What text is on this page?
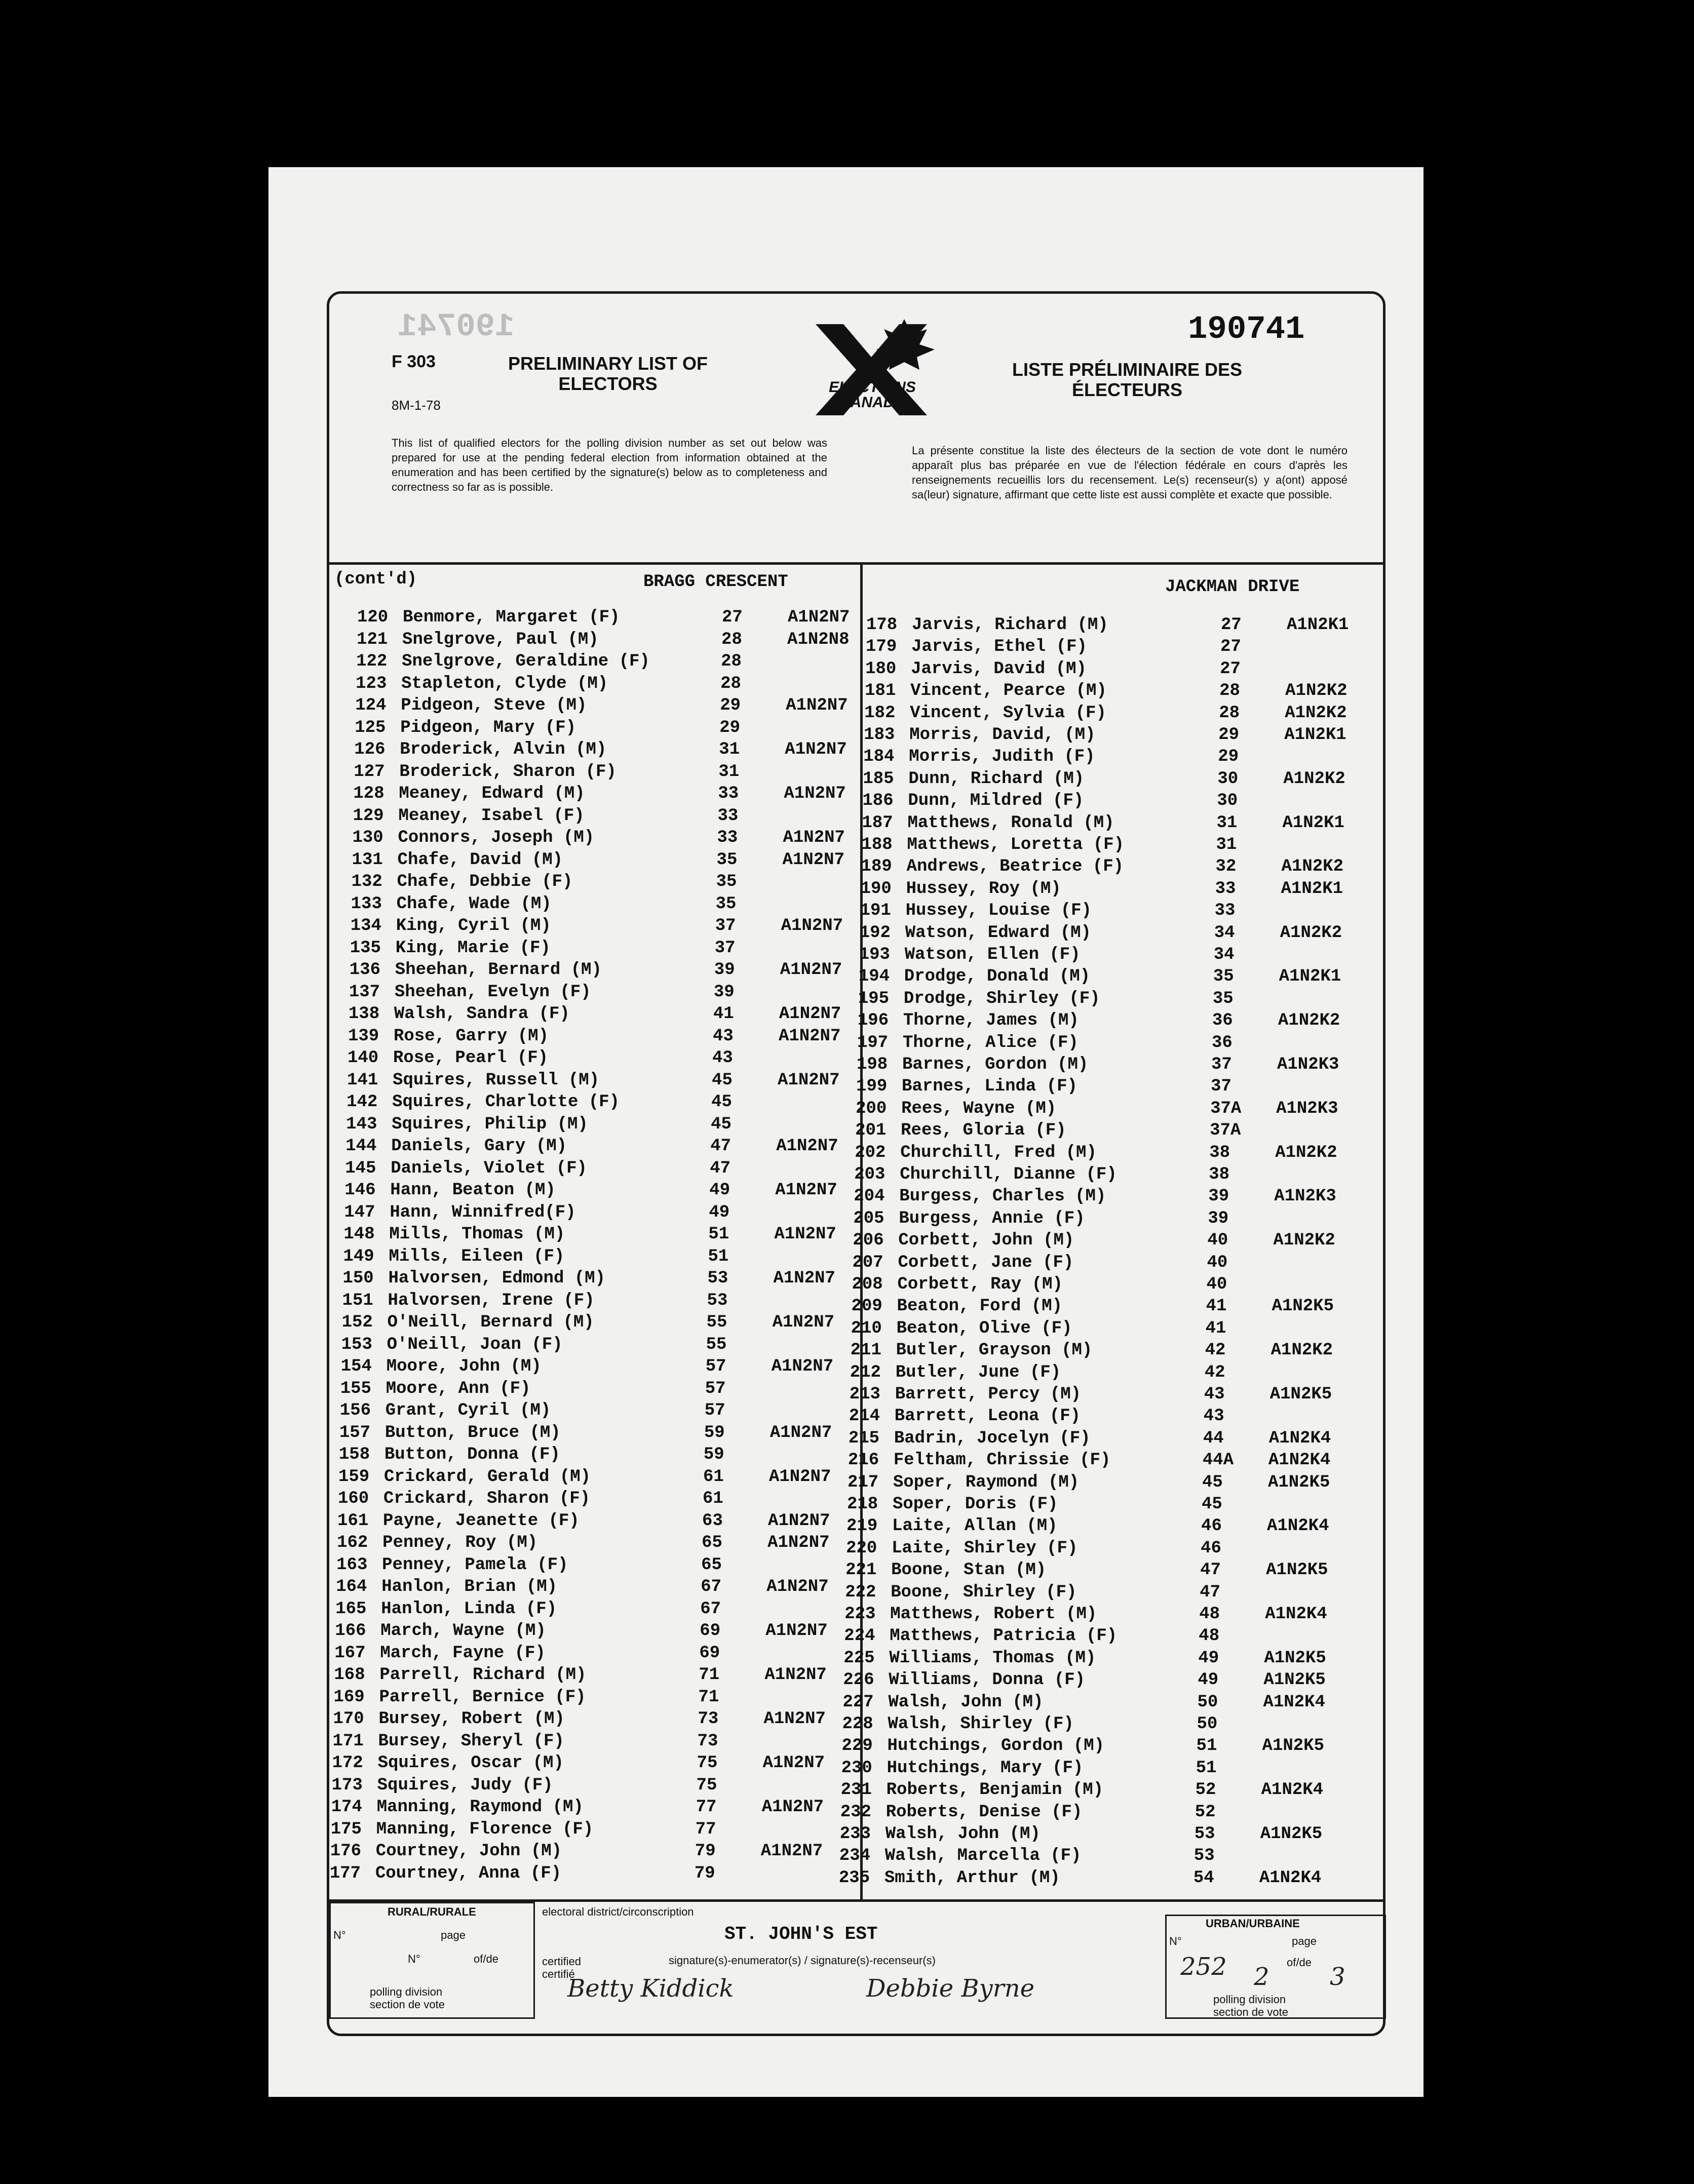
190741	190741
F 303
8M-1-78
PRELIMINARY LIST OF ELECTORS
LISTE PRÉLIMINAIRE DES ÉLECTEURS
ELECTIONS CANADA
This list of qualified electors for the polling division number as set out below was prepared for use at the pending federal election from information obtained at the enumeration and has been certified by the signature(s) below as to completeness and correctness so far as is possible.
La présente constitue la liste des électeurs de la section de vote dont le numéro apparaît plus bas préparée en vue de l'élection fédérale en cours d'après les renseignements recueillis lors du recensement. Le(s) recenseur(s) y a(ont) apposé sa(leur) signature, affirmant que cette liste est aussi complète et exacte que possible.
(cont'd)	BRAGG CRESCENT	JACKMAN DRIVE
120 Benmore, Margaret (F)	27	A1N2N7
121 Snelgrove, Paul (M)	28	A1N2N8
122 Snelgrove, Geraldine (F)	28
123 Stapleton, Clyde (M)	28
124 Pidgeon, Steve (M)	29	A1N2N7
125 Pidgeon, Mary (F)	29
126 Broderick, Alvin (M)	31	A1N2N7
127 Broderick, Sharon (F)	31
128 Meaney, Edward (M)	33	A1N2N7
129 Meaney, Isabel (F)	33
130 Connors, Joseph (M)	33	A1N2N7
131 Chafe, David (M)	35	A1N2N7
132 Chafe, Debbie (F)	35
133 Chafe, Wade (M)	35
134 King, Cyril (M)	37	A1N2N7
135 King, Marie (F)	37
136 Sheehan, Bernard (M)	39	A1N2N7
137 Sheehan, Evelyn (F)	39
138 Walsh, Sandra (F)	41	A1N2N7
139 Rose, Garry (M)	43	A1N2N7
140 Rose, Pearl (F)	43
141 Squires, Russell (M)	45	A1N2N7
142 Squires, Charlotte (F)	45
143 Squires, Philip (M)	45
144 Daniels, Gary (M)	47	A1N2N7
145 Daniels, Violet (F)	47
146 Hann, Beaton (M)	49	A1N2N7
147 Hann, Winnifred(F)	49
148 Mills, Thomas (M)	51	A1N2N7
149 Mills, Eileen (F)	51
150 Halvorsen, Edmond (M)	53	A1N2N7
151 Halvorsen, Irene (F)	53
152 O'Neill, Bernard (M)	55	A1N2N7
153 O'Neill, Joan (F)	55
154 Moore, John (M)	57	A1N2N7
155 Moore, Ann (F)	57
156 Grant, Cyril (M)	57
157 Button, Bruce (M)	59	A1N2N7
158 Button, Donna (F)	59
159 Crickard, Gerald (M)	61	A1N2N7
160 Crickard, Sharon (F)	61
161 Payne, Jeanette (F)	63	A1N2N7
162 Penney, Roy (M)	65	A1N2N7
163 Penney, Pamela (F)	65
164 Hanlon, Brian (M)	67	A1N2N7
165 Hanlon, Linda (F)	67
166 March, Wayne (M)	69	A1N2N7
167 March, Fayne (F)	69
168 Parrell, Richard (M)	71	A1N2N7
169 Parrell, Bernice (F)	71
170 Bursey, Robert (M)	73	A1N2N7
171 Bursey, Sheryl (F)	73
172 Squires, Oscar (M)	75	A1N2N7
173 Squires, Judy (F)	75
174 Manning, Raymond (M)	77	A1N2N7
175 Manning, Florence (F)	77
176 Courtney, John (M)	79	A1N2N7
177 Courtney, Anna (F)	79
178 Jarvis, Richard (M)	27	A1N2K1
179 Jarvis, Ethel (F)	27
180 Jarvis, David (M)	27
181 Vincent, Pearce (M)	28	A1N2K2
182 Vincent, Sylvia (F)	28	A1N2K2
183 Morris, David, (M)	29	A1N2K1
184 Morris, Judith (F)	29
185 Dunn, Richard (M)	30	A1N2K2
186 Dunn, Mildred (F)	30
187 Matthews, Ronald (M)	31	A1N2K1
188 Matthews, Loretta (F)	31
189 Andrews, Beatrice (F)	32	A1N2K2
190 Hussey, Roy (M)	33	A1N2K1
191 Hussey, Louise (F)	33
192 Watson, Edward (M)	34	A1N2K2
193 Watson, Ellen (F)	34
194 Drodge, Donald (M)	35	A1N2K1
195 Drodge, Shirley (F)	35
196 Thorne, James (M)	36	A1N2K2
197 Thorne, Alice (F)	36
198 Barnes, Gordon (M)	37	A1N2K3
199 Barnes, Linda (F)	37
200 Rees, Wayne (M)	37A A1N2K3
201 Rees, Gloria (F)	37A
202 Churchill, Fred (M)	38	A1N2K2
203 Churchill, Dianne (F)	38
204 Burgess, Charles (M)	39	A1N2K3
205 Burgess, Annie (F)	39
206 Corbett, John (M)	40	A1N2K2
207 Corbett, Jane (F)	40
208 Corbett, Ray (M)	40
209 Beaton, Ford (M)	41	A1N2K5
210 Beaton, Olive (F)	41
211 Butler, Grayson (M)	42	A1N2K2
212 Butler, June (F)	42
213 Barrett, Percy (M)	43	A1N2K5
214 Barrett, Leona (F)	43
215 Badrin, Jocelyn (F)	44	A1N2K4
216 Feltham, Chrissie (F)	44A A1N2K4
217 Soper, Raymond (M)	45	A1N2K5
218 Soper, Doris (F)	45
219 Laite, Allan (M)	46	A1N2K4
220 Laite, Shirley (F)	46
221 Boone, Stan (M)	47	A1N2K5
222 Boone, Shirley (F)	47
223 Matthews, Robert (M)	48	A1N2K4
224 Matthews, Patricia (F)	48
225 Williams, Thomas (M)	49	A1N2K5
226 Williams, Donna (F)	49	A1N2K5
227 Walsh, John (M)	50	A1N2K4
228 Walsh, Shirley (F)	50
229 Hutchings, Gordon (M)	51	A1N2K5
230 Hutchings, Mary (F)	51
231 Roberts, Benjamin (M)	52	A1N2K4
232 Roberts, Denise (F)	52
233 Walsh, John (M)	53	A1N2K5
234 Walsh, Marcella (F)	53
235 Smith, Arthur (M)	54	A1N2K4
RURAL/RURALE
N°	page
N°	of/de
polling division
section de vote
electoral district/circonscription
ST. JOHN'S EST
certified
certifié
signature(s)-enumerator(s) / signature(s)-recenseur(s)
Betty Kiddick	Debbie Byrne
URBAN/URBAINE
N°	page
of/de
252 2 3
polling division
section de vote
